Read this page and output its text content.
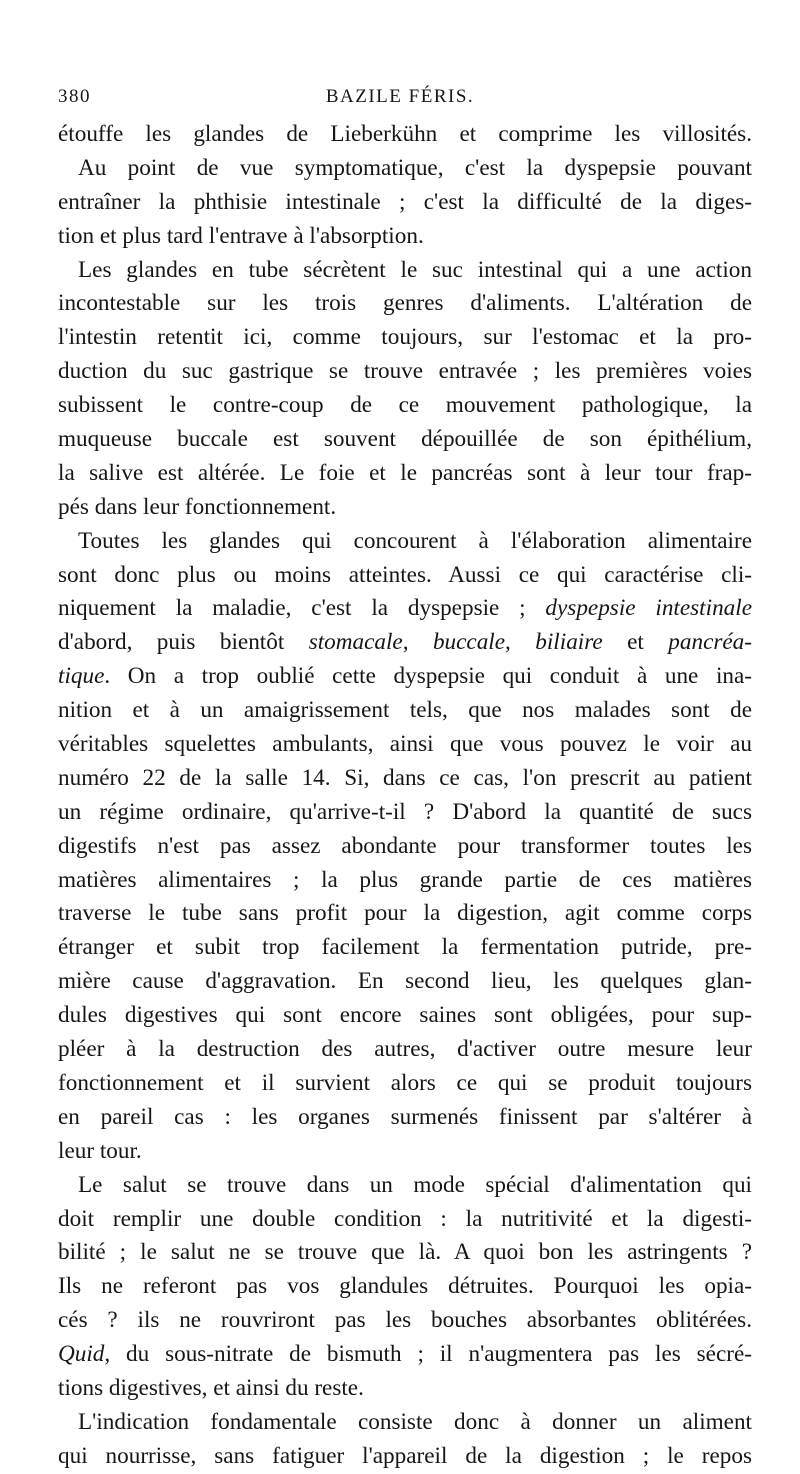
380	BAZILE FÉRIS.
étouffe les glandes de Lieberkühn et comprime les villosités.
Au point de vue symptomatique, c'est la dyspepsie pouvant
entraîner la phthisie intestinale ; c'est la difficulté de la diges-
tion et plus tard l'entrave à l'absorption.
Les glandes en tube sécrètent le suc intestinal qui a une action
incontestable sur les trois genres d'aliments. L'altération de
l'intestin retentit ici, comme toujours, sur l'estomac et la pro-
duction du suc gastrique se trouve entravée ; les premières voies
subissent le contre-coup de ce mouvement pathologique, la
muqueuse buccale est souvent dépouillée de son épithélium,
la salive est altérée. Le foie et le pancréas sont à leur tour frap-
pés dans leur fonctionnement.
Toutes les glandes qui concourent à l'élaboration alimentaire
sont donc plus ou moins atteintes. Aussi ce qui caractérise cli-
niquement la maladie, c'est la dyspepsie ; dyspepsie intestinale
d'abord, puis bientôt stomacale, buccale, biliaire et pancréa-
tique. On a trop oublié cette dyspepsie qui conduit à une ina-
nition et à un amaigrissement tels, que nos malades sont de
véritables squelettes ambulants, ainsi que vous pouvez le voir au
numéro 22 de la salle 14. Si, dans ce cas, l'on prescrit au patient
un régime ordinaire, qu'arrive-t-il ? D'abord la quantité de sucs
digestifs n'est pas assez abondante pour transformer toutes les
matières alimentaires ; la plus grande partie de ces matières
traverse le tube sans profit pour la digestion, agit comme corps
étranger et subit trop facilement la fermentation putride, pre-
mière cause d'aggravation. En second lieu, les quelques glan-
dules digestives qui sont encore saines sont obligées, pour sup-
pléer à la destruction des autres, d'activer outre mesure leur
fonctionnement et il survient alors ce qui se produit toujours
en pareil cas : les organes surmenés finissent par s'altérer à
leur tour.
Le salut se trouve dans un mode spécial d'alimentation qui
doit remplir une double condition : la nutritivité et la digesti-
bilité ; le salut ne se trouve que là. A quoi bon les astringents ?
Ils ne referont pas vos glandules détruites. Pourquoi les opia-
cés ? ils ne rouvriront pas les bouches absorbantes oblitérées.
Quid, du sous-nitrate de bismuth ; il n'augmentera pas les sécré-
tions digestives, et ainsi du reste.
L'indication fondamentale consiste donc à donner un aliment
qui nourrisse, sans fatiguer l'appareil de la digestion ; le repos
